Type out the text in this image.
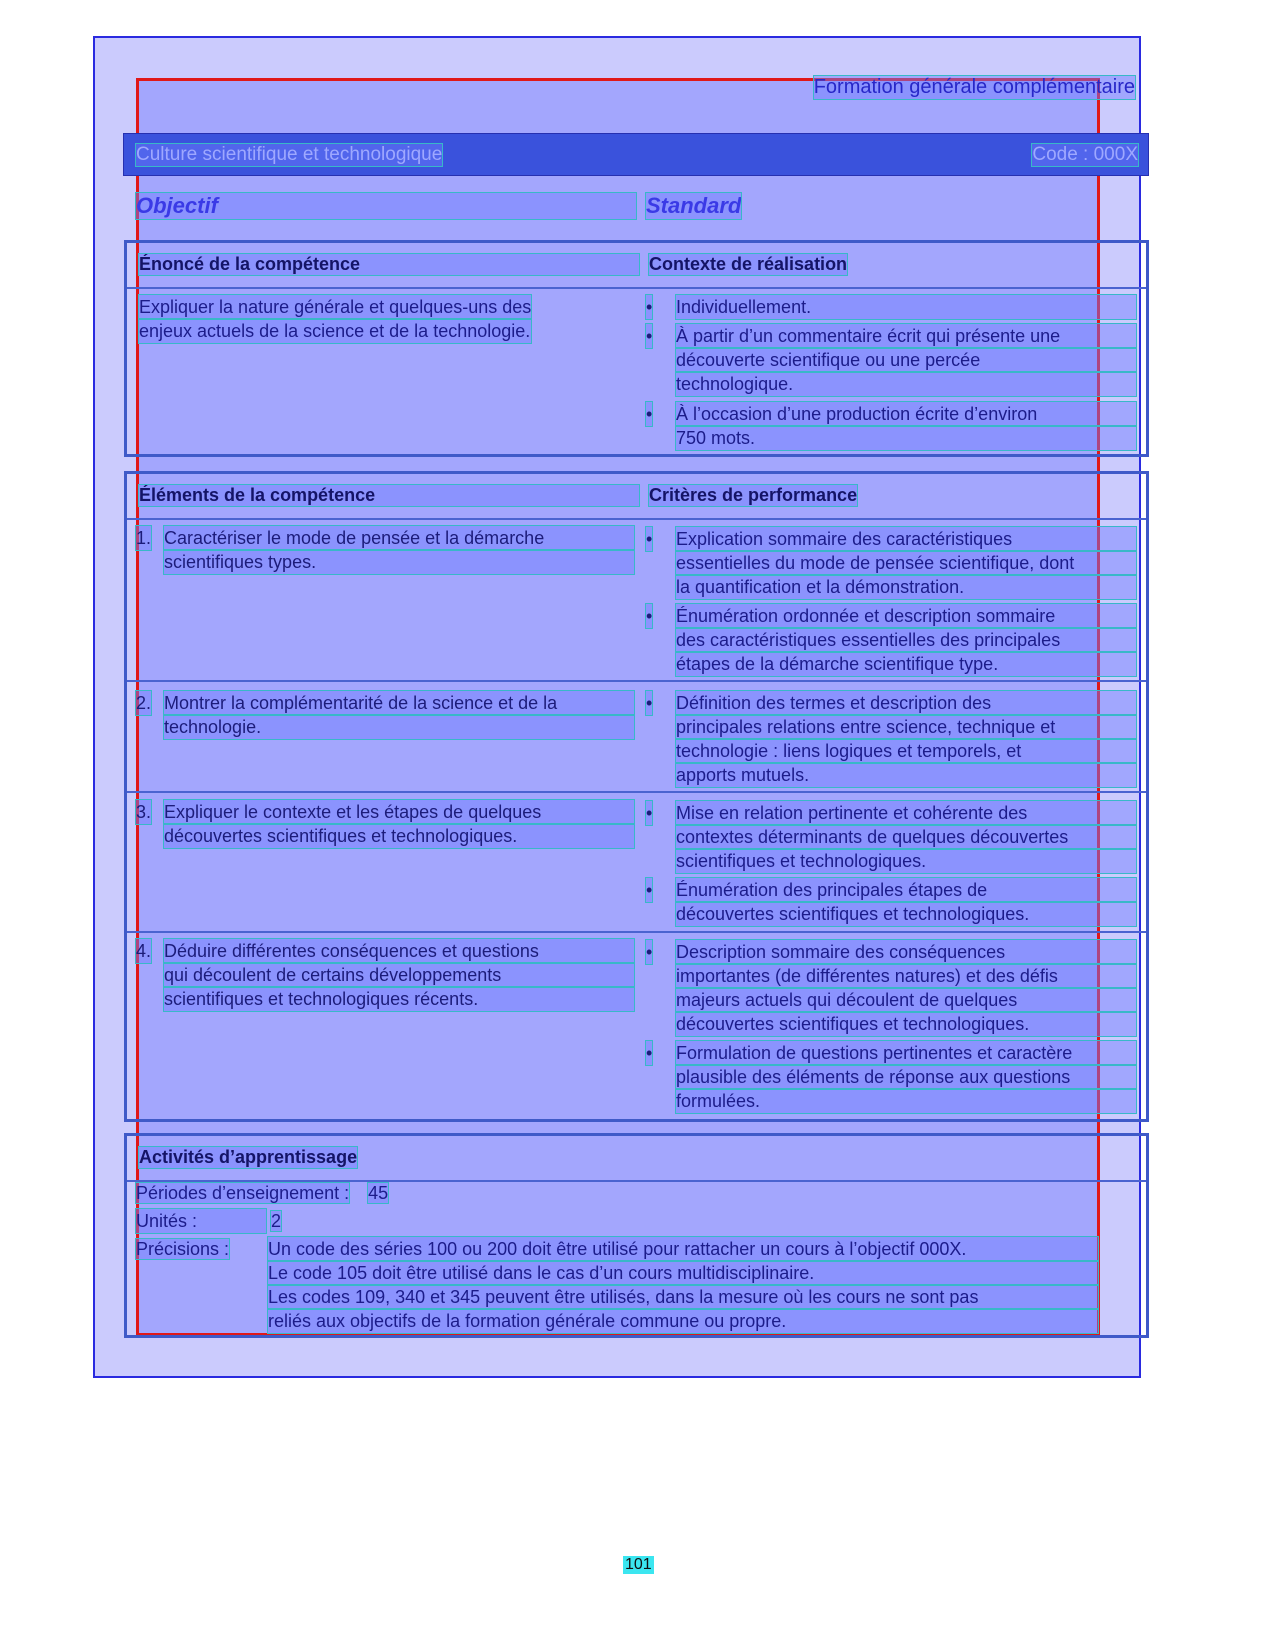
Formation générale complémentaire
Culture scientifique et technologique	Code : 000X
Objectif	Standard
Énoncé de la compétence	Contexte de réalisation
Expliquer la nature générale et quelques-uns des
enjeux actuels de la science et de la technologie.
• Individuellement.
• À partir d’un commentaire écrit qui présente une
découverte scientifique ou une percée
technologique.
• À l’occasion d’une production écrite d’environ
750 mots.
Éléments de la compétence	Critères de performance
1. Caractériser le mode de pensée et la démarche
scientifiques types.
• Explication sommaire des caractéristiques
essentielles du mode de pensée scientifique, dont
la quantification et la démonstration.
• Énumération ordonnée et description sommaire
des caractéristiques essentielles des principales
étapes de la démarche scientifique type.
2. Montrer la complémentarité de la science et de la
technologie.
• Définition des termes et description des
principales relations entre science, technique et
technologie : liens logiques et temporels, et
apports mutuels.
3. Expliquer le contexte et les étapes de quelques
découvertes scientifiques et technologiques.
• Mise en relation pertinente et cohérente des
contextes déterminants de quelques découvertes
scientifiques et technologiques.
• Énumération des principales étapes de
découvertes scientifiques et technologiques.
4. Déduire différentes conséquences et questions
qui découlent de certains développements
scientifiques et technologiques récents.
• Description sommaire des conséquences
importantes (de différentes natures) et des défis
majeurs actuels qui découlent de quelques
découvertes scientifiques et technologiques.
• Formulation de questions pertinentes et caractère
plausible des éléments de réponse aux questions
formulées.
Activités d’apprentissage
Périodes d’enseignement : 45
Unités :	2
Précisions : Un code des séries 100 ou 200 doit être utilisé pour rattacher un cours à l’objectif 000X.
Le code 105 doit être utilisé dans le cas d’un cours multidisciplinaire.
Les codes 109, 340 et 345 peuvent être utilisés, dans la mesure où les cours ne sont pas
reliés aux objectifs de la formation générale commune ou propre.
101
